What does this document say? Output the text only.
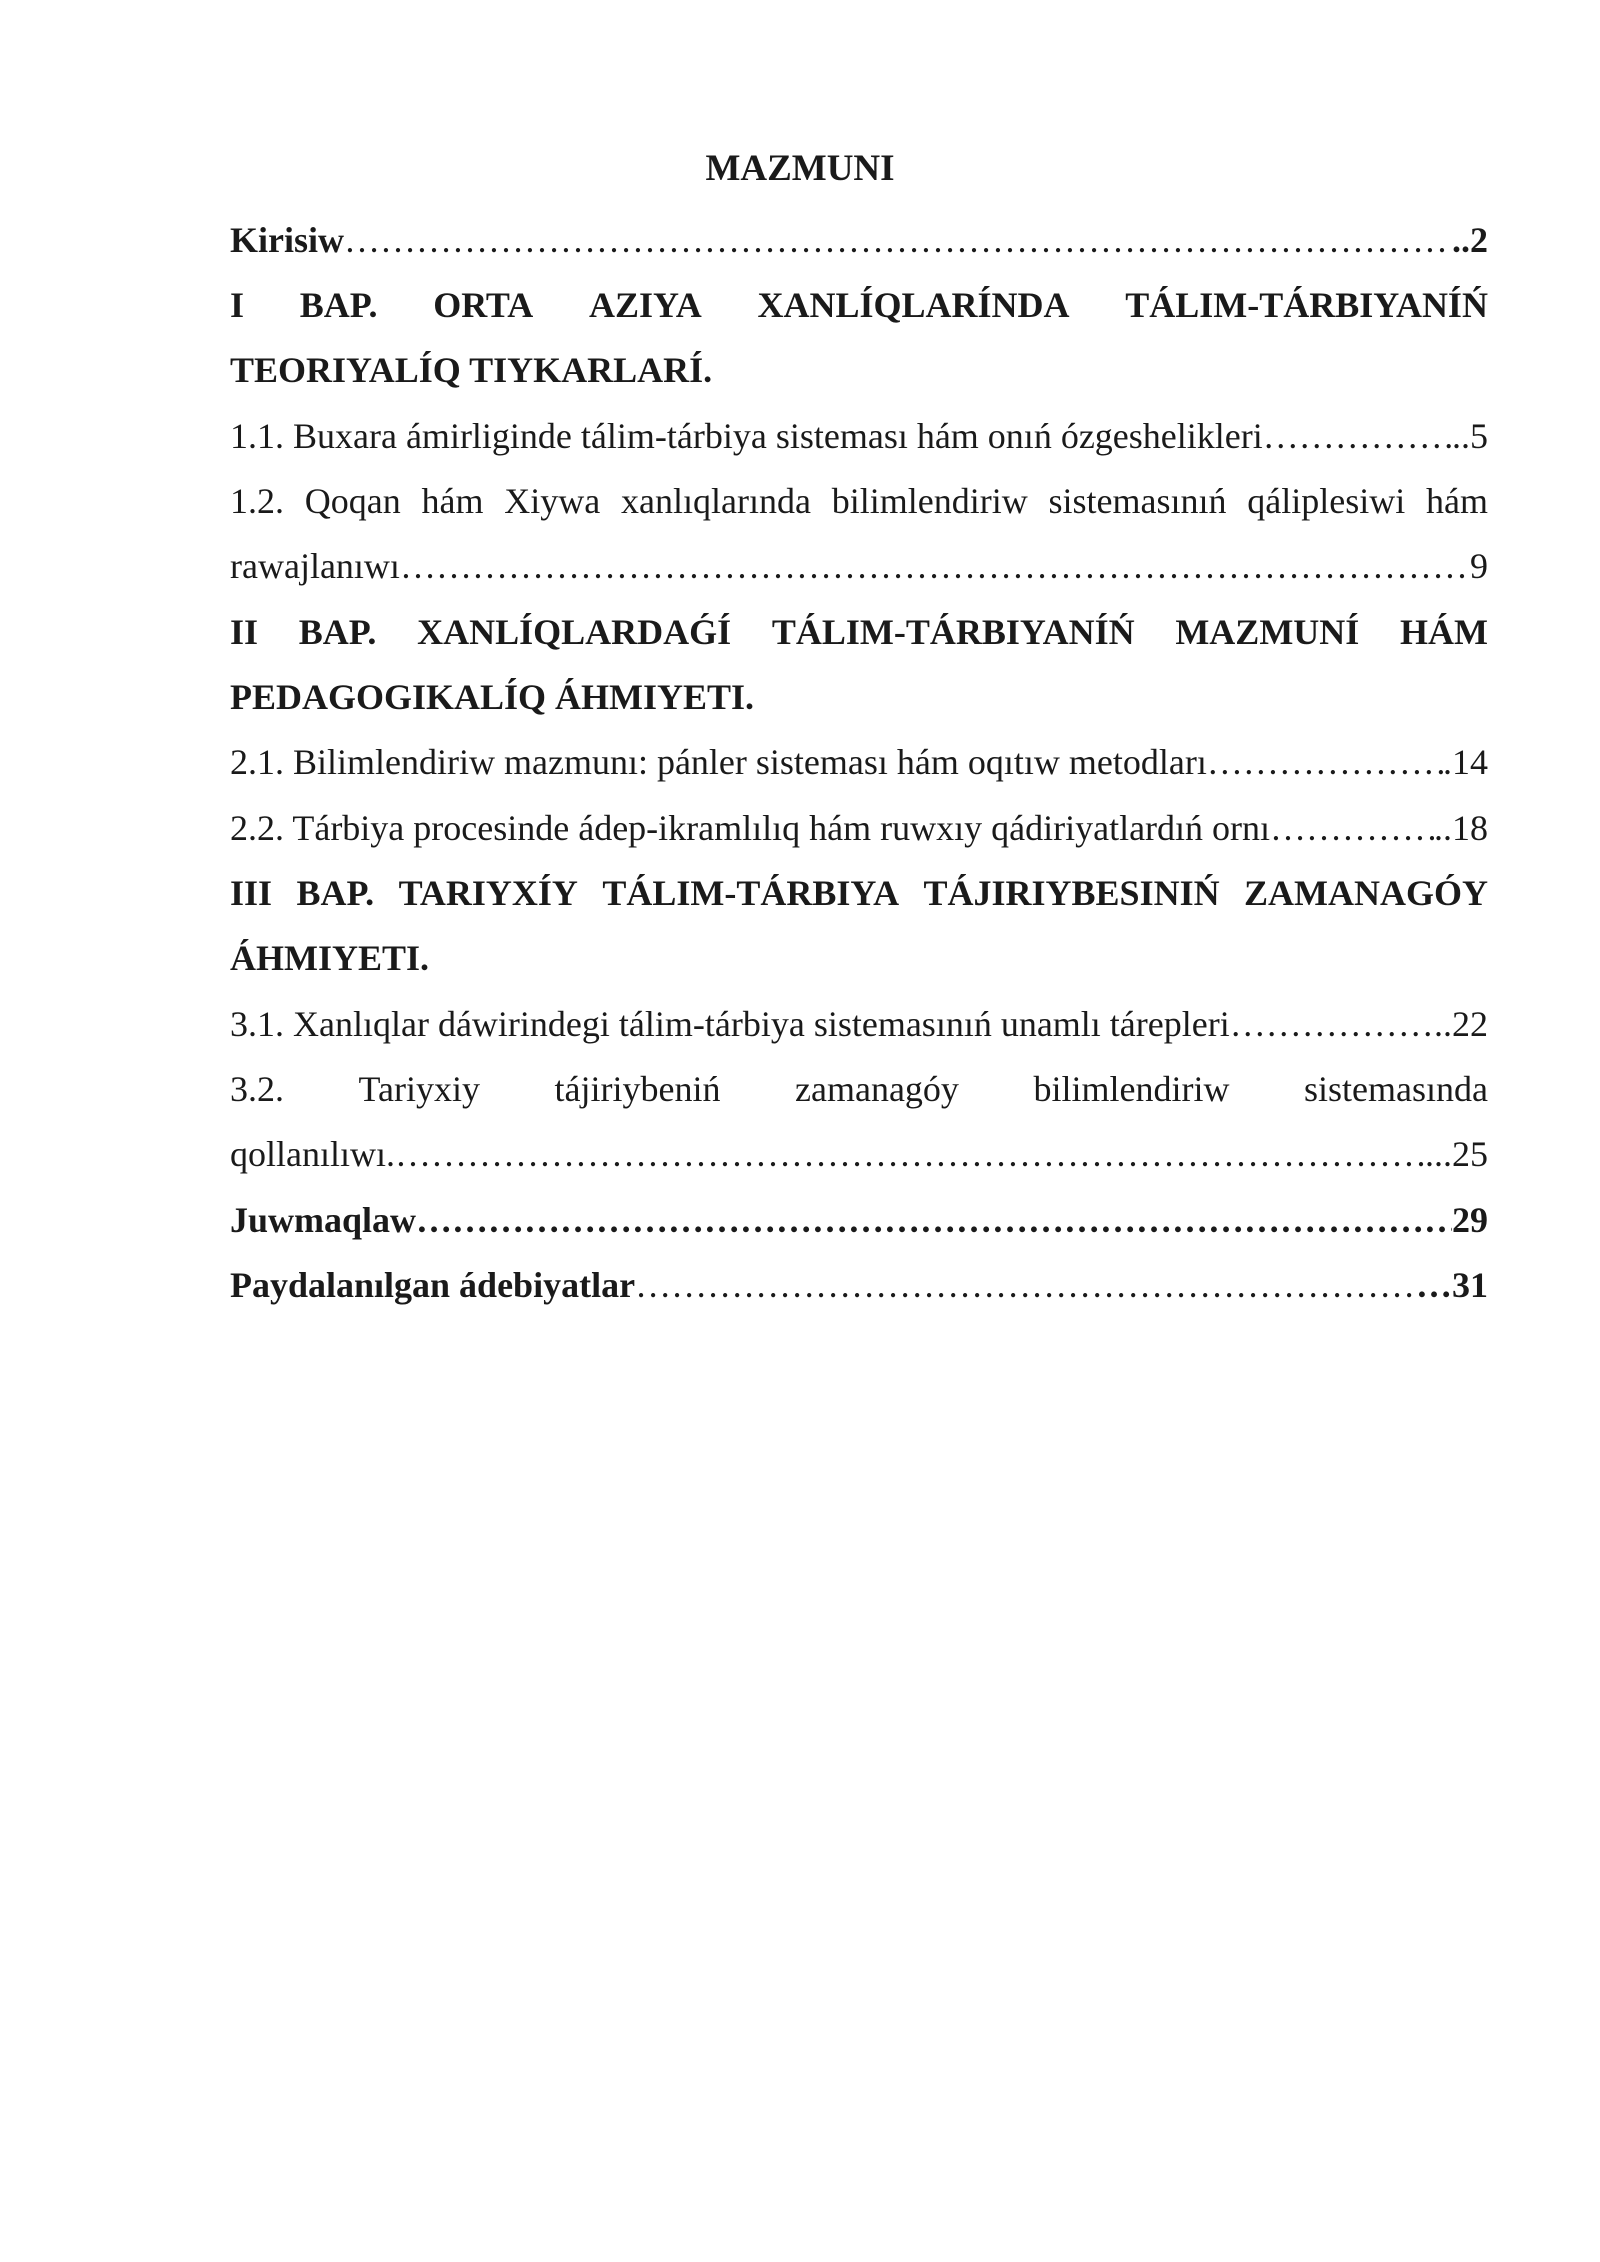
MAZMUNI
Kirisiw …………………………………………………………………………………………………………………………………………………………………………………………………………	..2
I BAP. ORTA AZIYA XANLÍQLARÍNDA TÁLIM-TÁRBIYANÍŃ
TEORIYALÍQ TIYKARLARÍ.
1.1. Buxara ámirliginde tálim-tárbiya sisteması hám onıń ózgeshelikleri …………………………………………………………………………………………………………………………………………………………………………………………………………	..5
1.2. Qoqan hám Xiywa xanlıqlarında bilimlendiriw sistemasınıń qáliplesiwi hám
rawajlanıwı …………………………………………………………………………………………………………………………………………………………………………………………………………	9
II BAP. XANLÍQLARDAǴÍ TÁLIM-TÁRBIYANÍŃ MAZMUNÍ HÁM
PEDAGOGIKALÍQ ÁHMIYETI.
2.1. Bilimlendiriw mazmunı: pánler sisteması hám oqıtıw metodları …………………………………………………………………………………………………………………………………………………………………………………………………………	.14
2.2. Tárbiya procesinde ádep-ikramlılıq hám ruwxıy qádiriyatlardıń ornı …………………………………………………………………………………………………………………………………………………………………………………………………………	..18
III BAP. TARIYXÍY TÁLIM-TÁRBIYA TÁJIRIYBESINIŃ ZAMANAGÓY
ÁHMIYETI.
3.1. Xanlıqlar dáwirindegi tálim-tárbiya sistemasınıń unamlı tárepleri …………………………………………………………………………………………………………………………………………………………………………………………………………	..22
3.2. Tariyxiy tájiriybeniń zamanagóy bilimlendiriw sistemasında
qollanılıwı. …………………………………………………………………………………………………………………………………………………………………………………………………………	...25
Juwmaqlaw …………………………………………………………………………………………………………………………………………………………………………………………………………	29
Paydalanılgan ádebiyatlar …………………………………………………………………………………………………………………………………………………………………………………………………………	…31
